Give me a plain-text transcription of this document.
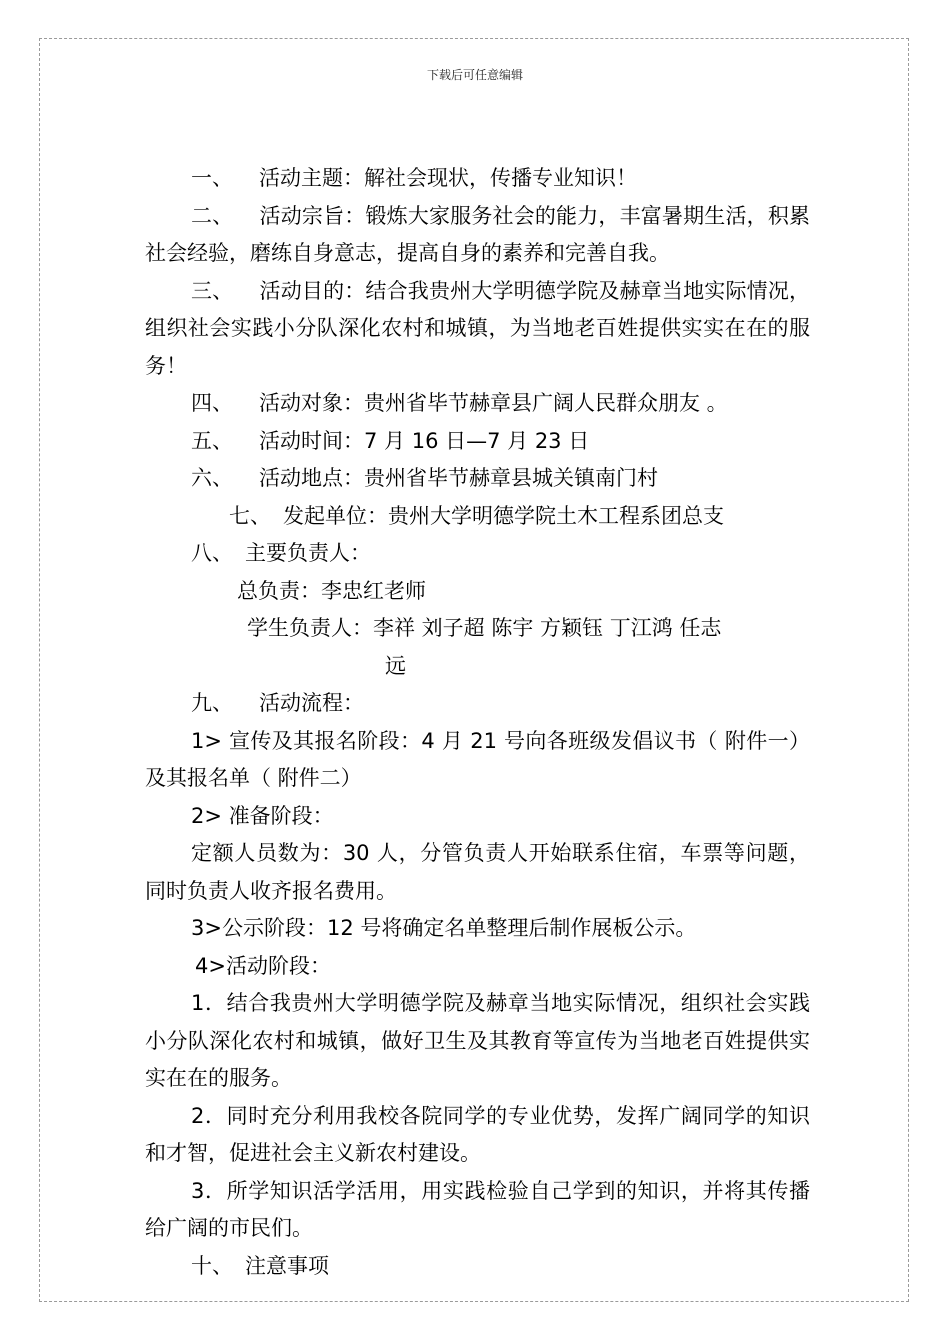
下载后可任意编辑
一、 活动主题：解社会现状，传播专业知识！
二、 活动宗旨：锻炼大家服务社会的能力，丰富暑期生活，积累社会经验，磨练自身意志，提高自身的素养和完善自我。
三、 活动目的：结合我贵州大学明德学院及赫章当地实际情况，组织社会实践小分队深化农村和城镇，为当地老百姓提供实实在在的服务！
四、 活动对象：贵州省毕节赫章县广阔人民群众朋友 。
五、 活动时间：7 月 16 日—7 月 23 日
六、 活动地点：贵州省毕节赫章县城关镇南门村
七、 发起单位：贵州大学明德学院土木工程系团总支
八、 主要负责人：
总负责：李忠红老师
学生负责人：李祥 刘子超 陈宇 方颖钰 丁江鸿 任志
远
九、 活动流程：
1> 宣传及其报名阶段：4 月 21 号向各班级发倡议书（ 附件一）及其报名单（ 附件二）
2> 准备阶段：
定额人员数为：30 人，分管负责人开始联系住宿，车票等问题，同时负责人收齐报名费用。
3>公示阶段：12 号将确定名单整理后制作展板公示。
4>活动阶段：
1．结合我贵州大学明德学院及赫章当地实际情况，组织社会实践小分队深化农村和城镇，做好卫生及其教育等宣传为当地老百姓提供实实在在的服务。
2．同时充分利用我校各院同学的专业优势，发挥广阔同学的知识和才智，促进社会主义新农村建设。
3．所学知识活学活用，用实践检验自己学到的知识，并将其传播给广阔的市民们。
十、 注意事项
